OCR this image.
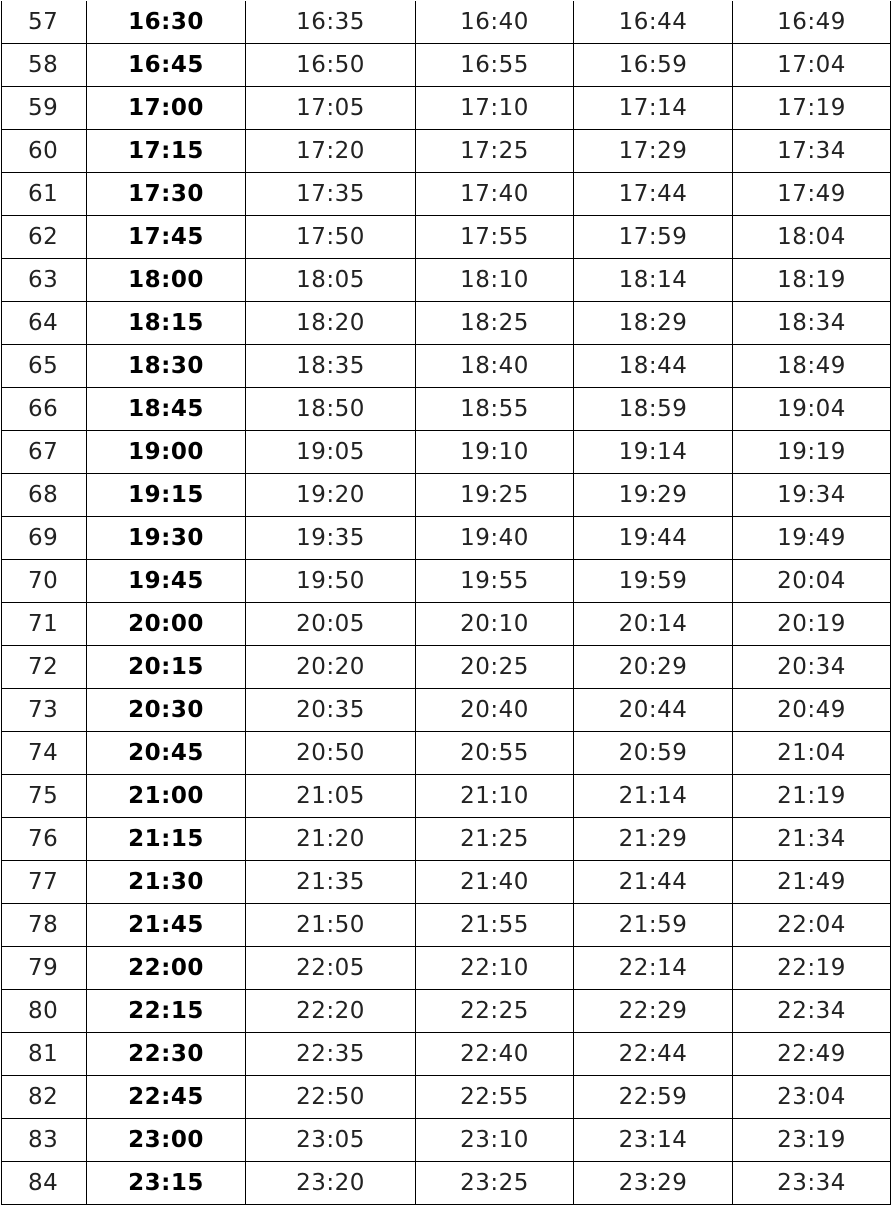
57	16:30	16:35	16:40	16:44	16:49
58	16:45	16:50	16:55	16:59	17:04
59	17:00	17:05	17:10	17:14	17:19
60	17:15	17:20	17:25	17:29	17:34
61	17:30	17:35	17:40	17:44	17:49
62	17:45	17:50	17:55	17:59	18:04
63	18:00	18:05	18:10	18:14	18:19
64	18:15	18:20	18:25	18:29	18:34
65	18:30	18:35	18:40	18:44	18:49
66	18:45	18:50	18:55	18:59	19:04
67	19:00	19:05	19:10	19:14	19:19
68	19:15	19:20	19:25	19:29	19:34
69	19:30	19:35	19:40	19:44	19:49
70	19:45	19:50	19:55	19:59	20:04
71	20:00	20:05	20:10	20:14	20:19
72	20:15	20:20	20:25	20:29	20:34
73	20:30	20:35	20:40	20:44	20:49
74	20:45	20:50	20:55	20:59	21:04
75	21:00	21:05	21:10	21:14	21:19
76	21:15	21:20	21:25	21:29	21:34
77	21:30	21:35	21:40	21:44	21:49
78	21:45	21:50	21:55	21:59	22:04
79	22:00	22:05	22:10	22:14	22:19
80	22:15	22:20	22:25	22:29	22:34
81	22:30	22:35	22:40	22:44	22:49
82	22:45	22:50	22:55	22:59	23:04
83	23:00	23:05	23:10	23:14	23:19
84	23:15	23:20	23:25	23:29	23:34
